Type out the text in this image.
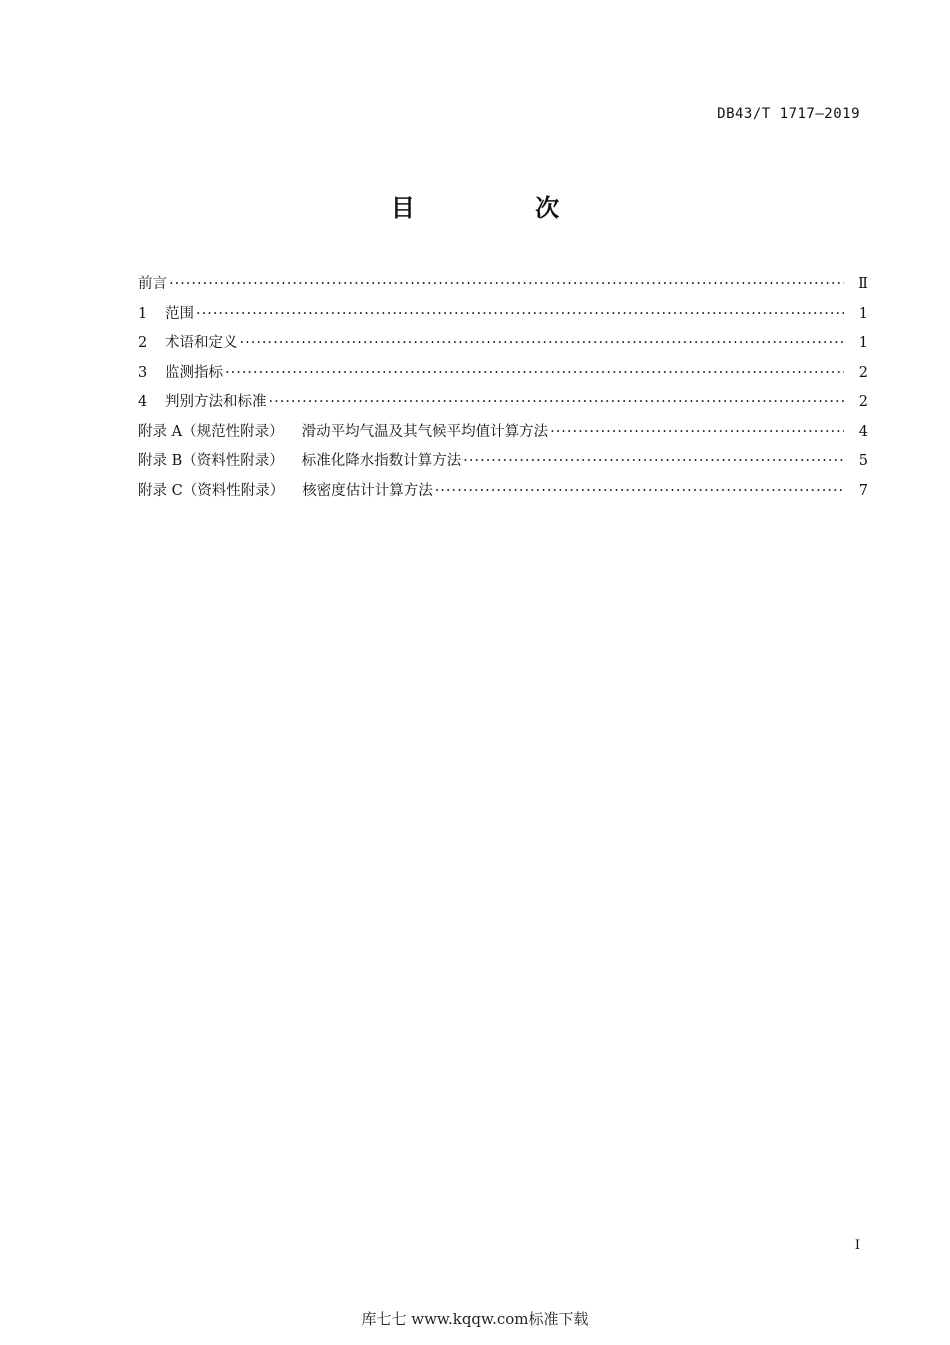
DB43/T 1717—2019
目 次
前言 ·····	Ⅱ
1	范围 ·····	1
2	术语和定义 ·····	1
3	监测指标 ·····	2
4	判别方法和标准 ·····	2
附录 A（规范性附录） 滑动平均气温及其气候平均值计算方法 ·····	4
附录 B（资料性附录） 标准化降水指数计算方法 ·····	5
附录 C（资料性附录） 核密度估计计算方法 ·····	7
I
库七七 www.kqqw.com标准下载
